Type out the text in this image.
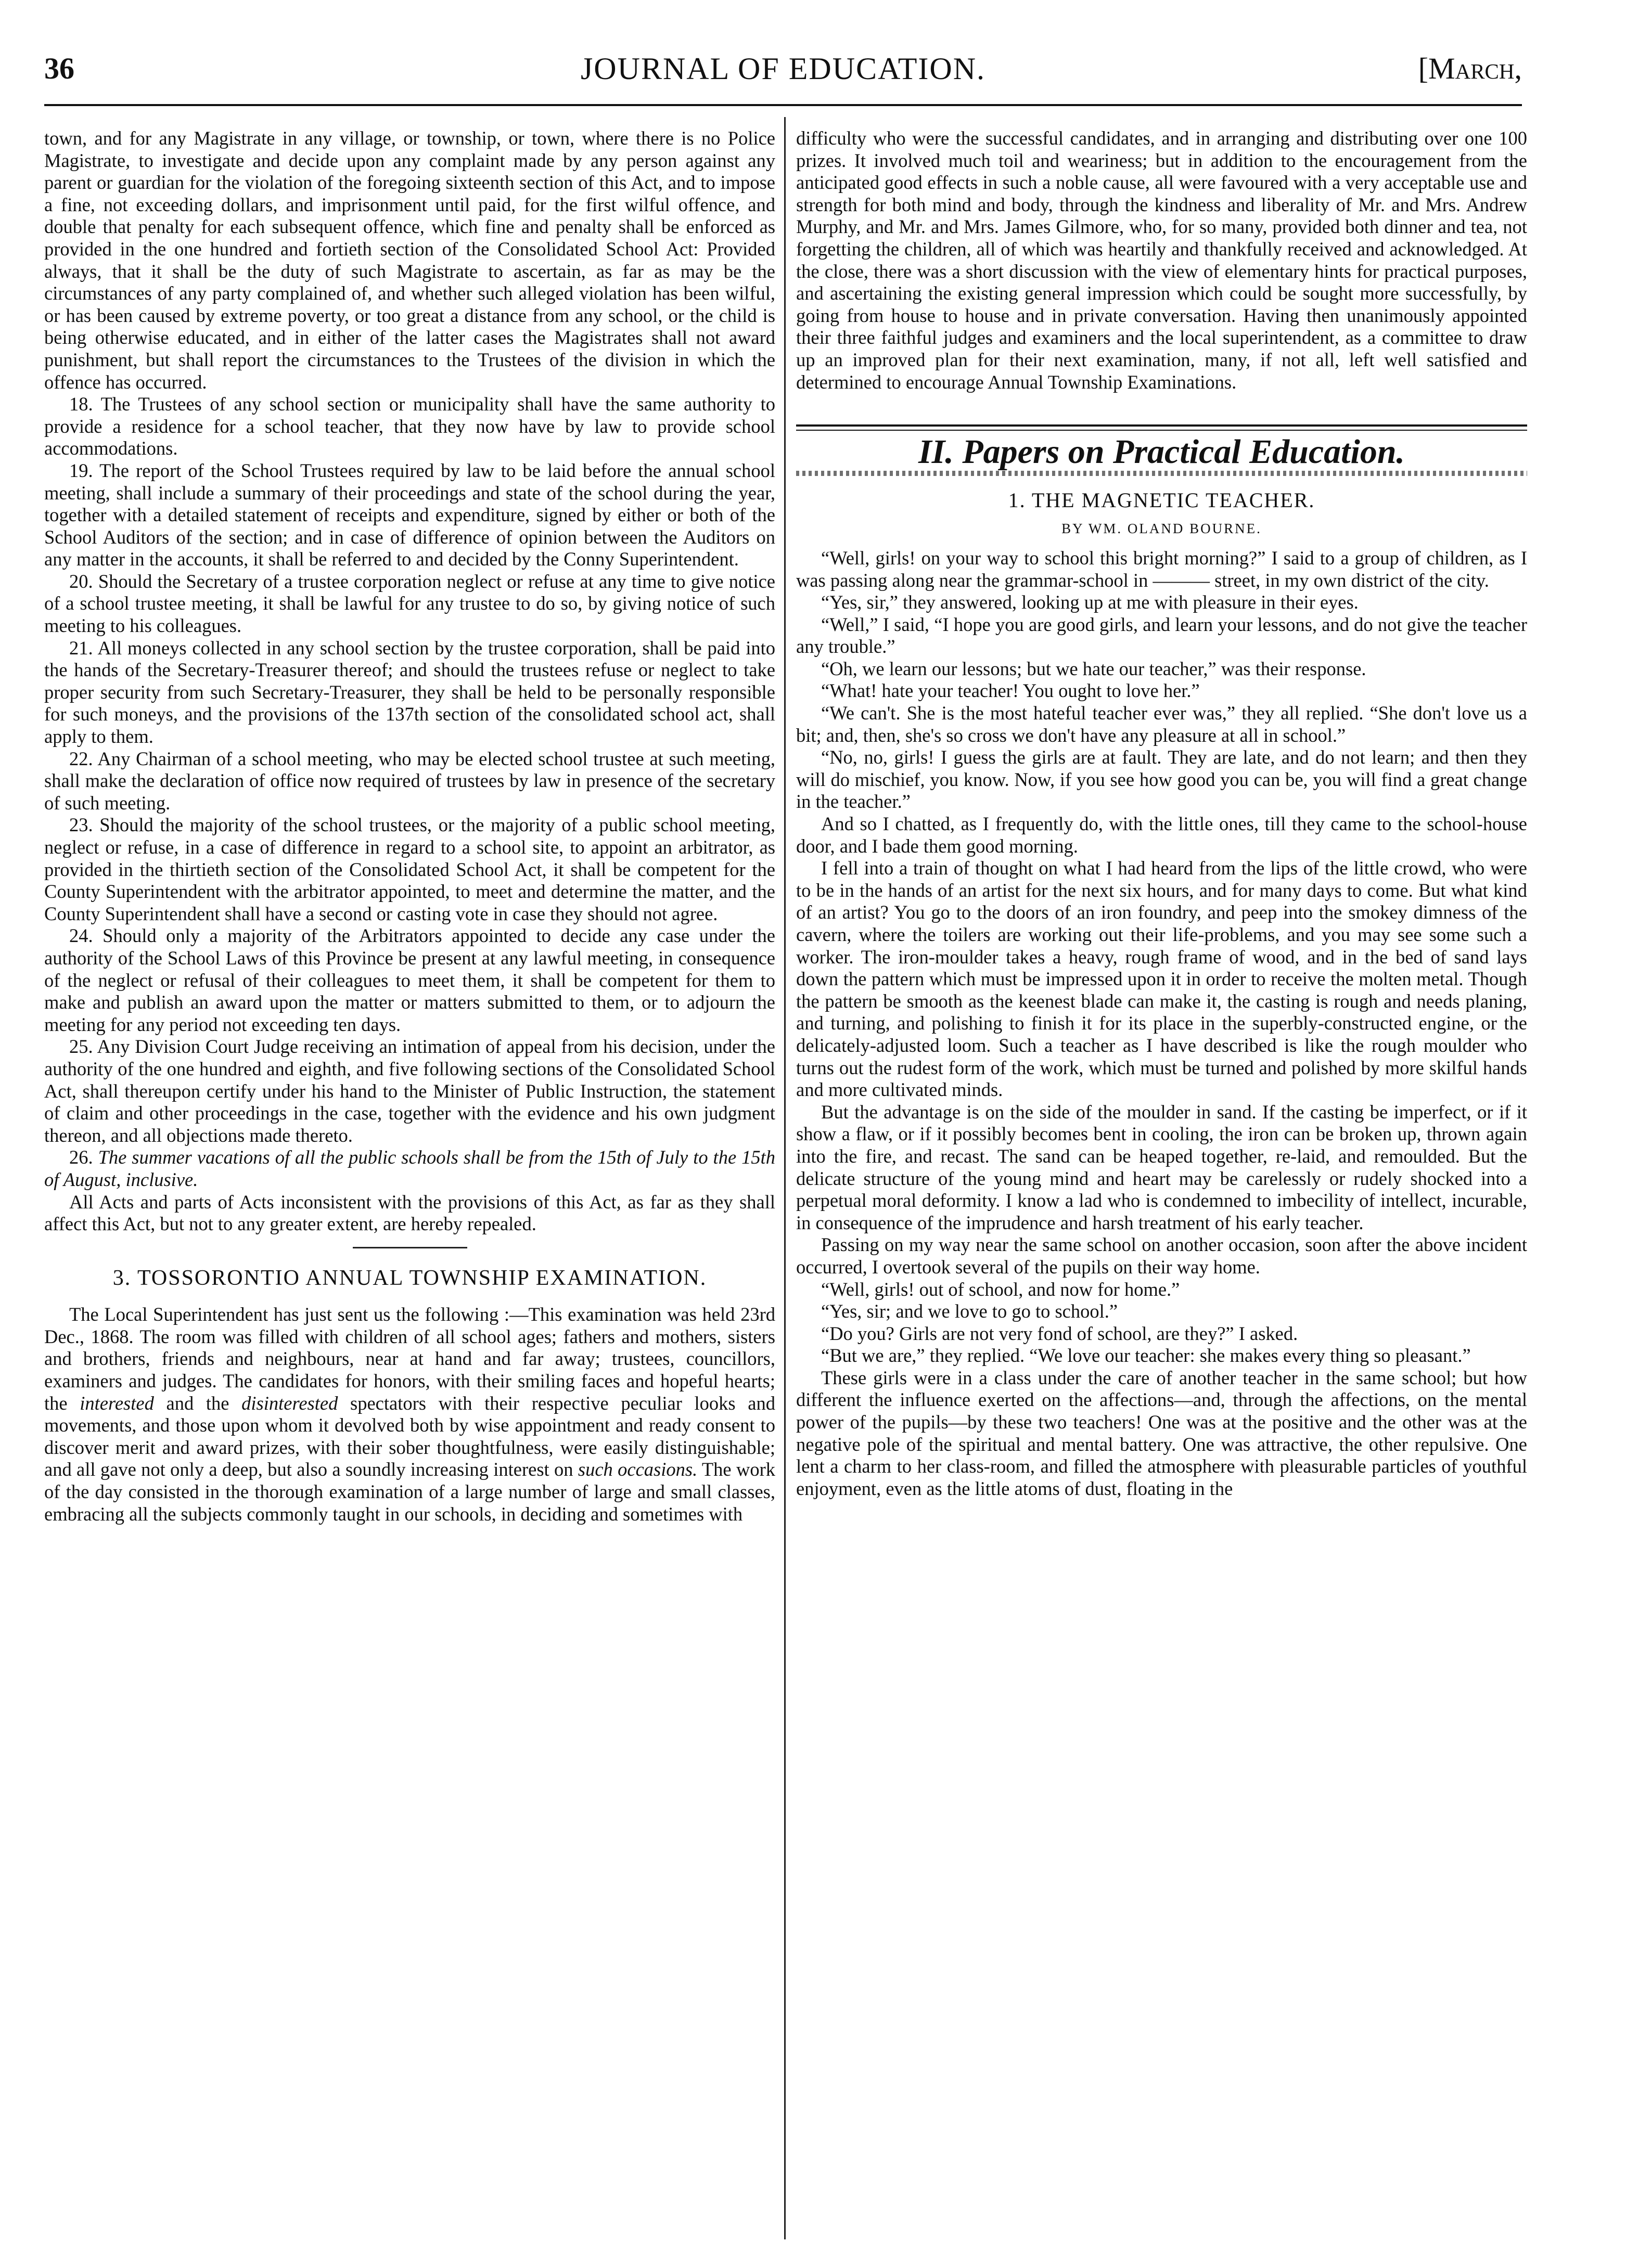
36	JOURNAL OF EDUCATION.	[March,

town, and for any Magistrate in any village, or township, or town, where there is no Police Magistrate, to investigate and decide upon any complaint made by any person against any parent or guardian for the violation of the foregoing sixteenth section of this Act, and to impose a fine, not exceeding dollars, and imprisonment until paid, for the first wilful offence, and double that penalty for each subsequent offence, which fine and penalty shall be enforced as provided in the one hundred and fortieth section of the Consolidated School Act: Provided always, that it shall be the duty of such Magistrate to ascertain, as far as may be the circumstances of any party complained of, and whether such alleged violation has been wilful, or has been caused by extreme poverty, or too great a distance from any school, or the child is being otherwise educated, and in either of the latter cases the Magistrates shall not award punishment, but shall report the circumstances to the Trustees of the division in which the offence has occurred.

18. The Trustees of any school section or municipality shall have the same authority to provide a residence for a school teacher, that they now have by law to provide school accommodations.

19. The report of the School Trustees required by law to be laid before the annual school meeting, shall include a summary of their proceedings and state of the school during the year, together with a detailed statement of receipts and expenditure, signed by either or both of the School Auditors of the section; and in case of difference of opinion between the Auditors on any matter in the accounts, it shall be referred to and decided by the Conny Superintendent.

20. Should the Secretary of a trustee corporation neglect or refuse at any time to give notice of a school trustee meeting, it shall be lawful for any trustee to do so, by giving notice of such meeting to his colleagues.

21. All moneys collected in any school section by the trustee corporation, shall be paid into the hands of the Secretary-Treasurer thereof; and should the trustees refuse or neglect to take proper security from such Secretary-Treasurer, they shall be held to be personally responsible for such moneys, and the provisions of the 137th section of the consolidated school act, shall apply to them.

22. Any Chairman of a school meeting, who may be elected school trustee at such meeting, shall make the declaration of office now required of trustees by law in presence of the secretary of such meeting.

23. Should the majority of the school trustees, or the majority of a public school meeting, neglect or refuse, in a case of difference in regard to a school site, to appoint an arbitrator, as provided in the thirtieth section of the Consolidated School Act, it shall be competent for the County Superintendent with the arbitrator appointed, to meet and determine the matter, and the County Superintendent shall have a second or casting vote in case they should not agree.

24. Should only a majority of the Arbitrators appointed to decide any case under the authority of the School Laws of this Province be present at any lawful meeting, in consequence of the neglect or refusal of their colleagues to meet them, it shall be competent for them to make and publish an award upon the matter or matters submitted to them, or to adjourn the meeting for any period not exceeding ten days.

25. Any Division Court Judge receiving an intimation of appeal from his decision, under the authority of the one hundred and eighth, and five following sections of the Consolidated School Act, shall thereupon certify under his hand to the Minister of Public Instruction, the statement of claim and other proceedings in the case, together with the evidence and his own judgment thereon, and all objections made thereto.

26. The summer vacations of all the public schools shall be from the 15th of July to the 15th of August, inclusive.

All Acts and parts of Acts inconsistent with the provisions of this Act, as far as they shall affect this Act, but not to any greater extent, are hereby repealed.

3. TOSSORONTIO ANNUAL TOWNSHIP EXAMINATION.

The Local Superintendent has just sent us the following :—This examination was held 23rd Dec., 1868. The room was filled with children of all school ages; fathers and mothers, sisters and brothers, friends and neighbours, near at hand and far away; trustees, councillors, examiners and judges. The candidates for honors, with their smiling faces and hopeful hearts; the interested and the disinterested spectators with their respective peculiar looks and movements, and those upon whom it devolved both by wise appointment and ready consent to discover merit and award prizes, with their sober thoughtfulness, were easily distinguishable; and all gave not only a deep, but also a soundly increasing interest on such occasions. The work of the day consisted in the thorough examination of a large number of large and small classes, embracing all the subjects commonly taught in our schools, in deciding and sometimes with

difficulty who were the successful candidates, and in arranging and distributing over one 100 prizes. It involved much toil and weariness; but in addition to the encouragement from the anticipated good effects in such a noble cause, all were favoured with a very acceptable use and strength for both mind and body, through the kindness and liberality of Mr. and Mrs. Andrew Murphy, and Mr. and Mrs. James Gilmore, who, for so many, provided both dinner and tea, not forgetting the children, all of which was heartily and thankfully received and acknowledged. At the close, there was a short discussion with the view of elementary hints for practical purposes, and ascertaining the existing general impression which could be sought more successfully, by going from house to house and in private conversation. Having then unanimously appointed their three faithful judges and examiners and the local superintendent, as a committee to draw up an improved plan for their next examination, many, if not all, left well satisfied and determined to encourage Annual Township Examinations.

II. Papers on Practical Education.
1. THE MAGNETIC TEACHER.
BY WM. OLAND BOURNE.

“Well, girls! on your way to school this bright morning?” I said to a group of children, as I was passing along near the grammar-school in ——— street, in my own district of the city.

“Yes, sir,” they answered, looking up at me with pleasure in their eyes.

“Well,” I said, “I hope you are good girls, and learn your lessons, and do not give the teacher any trouble.”

“Oh, we learn our lessons; but we hate our teacher,” was their response.

“What! hate your teacher! You ought to love her.”

“We can't. She is the most hateful teacher ever was,” they all replied. “She don't love us a bit; and, then, she's so cross we don't have any pleasure at all in school.”

“No, no, girls! I guess the girls are at fault. They are late, and do not learn; and then they will do mischief, you know. Now, if you see how good you can be, you will find a great change in the teacher.”

And so I chatted, as I frequently do, with the little ones, till they came to the school-house door, and I bade them good morning.

I fell into a train of thought on what I had heard from the lips of the little crowd, who were to be in the hands of an artist for the next six hours, and for many days to come. But what kind of an artist? You go to the doors of an iron foundry, and peep into the smokey dimness of the cavern, where the toilers are working out their life-problems, and you may see some such a worker. The iron-moulder takes a heavy, rough frame of wood, and in the bed of sand lays down the pattern which must be impressed upon it in order to receive the molten metal. Though the pattern be smooth as the keenest blade can make it, the casting is rough and needs planing, and turning, and polishing to finish it for its place in the superbly-constructed engine, or the delicately-adjusted loom. Such a teacher as I have described is like the rough moulder who turns out the rudest form of the work, which must be turned and polished by more skilful hands and more cultivated minds.

But the advantage is on the side of the moulder in sand. If the casting be imperfect, or if it show a flaw, or if it possibly becomes bent in cooling, the iron can be broken up, thrown again into the fire, and recast. The sand can be heaped together, re-laid, and remoulded. But the delicate structure of the young mind and heart may be carelessly or rudely shocked into a perpetual moral deformity. I know a lad who is condemned to imbecility of intellect, incurable, in consequence of the imprudence and harsh treatment of his early teacher.

Passing on my way near the same school on another occasion, soon after the above incident occurred, I overtook several of the pupils on their way home.

“Well, girls! out of school, and now for home.”

“Yes, sir; and we love to go to school.”

“Do you? Girls are not very fond of school, are they?” I asked.

“But we are,” they replied. “We love our teacher: she makes every thing so pleasant.”

These girls were in a class under the care of another teacher in the same school; but how different the influence exerted on the affections—and, through the affections, on the mental power of the pupils—by these two teachers! One was at the positive and the other was at the negative pole of the spiritual and mental battery. One was attractive, the other repulsive. One lent a charm to her class-room, and filled the atmosphere with pleasurable particles of youthful enjoyment, even as the little atoms of dust, floating in the
